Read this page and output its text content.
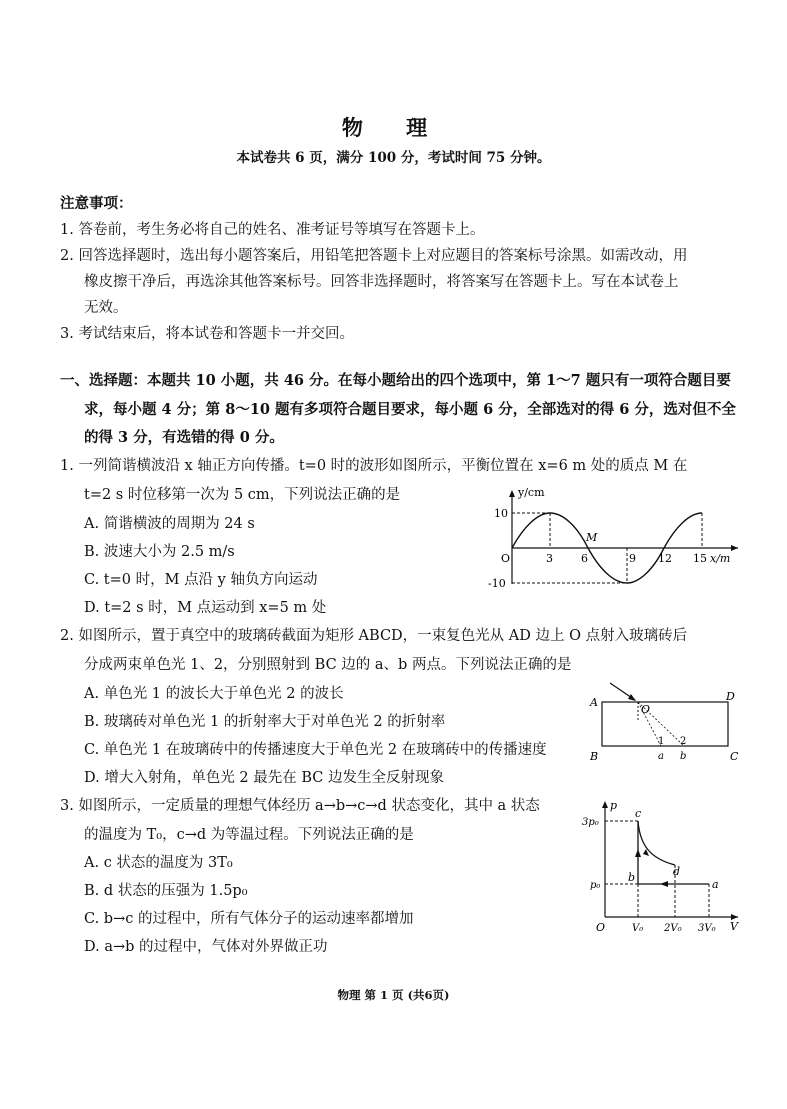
物 理
本试卷共 6 页，满分 100 分，考试时间 75 分钟。
注意事项：
1. 答卷前，考生务必将自己的姓名、准考证号等填写在答题卡上。
2. 回答选择题时，选出每小题答案后，用铅笔把答题卡上对应题目的答案标号涂黑。如需改动，用
橡皮擦干净后，再选涂其他答案标号。回答非选择题时，将答案写在答题卡上。写在本试卷上
无效。
3. 考试结束后，将本试卷和答题卡一并交回。
一、选择题：本题共 10 小题，共 46 分。在每小题给出的四个选项中，第 1～7 题只有一项符合题目要
求，每小题 4 分；第 8～10 题有多项符合题目要求，每小题 6 分，全部选对的得 6 分，选对但不全
的得 3 分，有选错的得 0 分。
1. 一列简谐横波沿 x 轴正方向传播。t=0 时的波形如图所示，平衡位置在 x=6 m 处的质点 M 在
t=2 s 时位移第一次为 5 cm，下列说法正确的是
A. 简谐横波的周期为 24 s
B. 波速大小为 2.5 m/s
C. t=0 时，M 点沿 y 轴负方向运动
D. t=2 s 时，M 点运动到 x=5 m 处
y/cm
x/m
10
-10
O
M
3	6	9 12 15
2. 如图所示，置于真空中的玻璃砖截面为矩形 ABCD，一束复色光从 AD 边上 O 点射入玻璃砖后
分成两束单色光 1、2，分别照射到 BC 边的 a、b 两点。下列说法正确的是
A. 单色光 1 的波长大于单色光 2 的波长
B. 玻璃砖对单色光 1 的折射率大于对单色光 2 的折射率
C. 单色光 1 在玻璃砖中的传播速度大于单色光 2 在玻璃砖中的传播速度
D. 增大入射角，单色光 2 最先在 BC 边发生全反射现象
A
B	C
D
O
1 2
a b
3. 如图所示，一定质量的理想气体经历 a→b→c→d 状态变化，其中 a 状态
的温度为 T₀，c→d 为等温过程。下列说法正确的是
A. c 状态的温度为 3T₀
B. d 状态的压强为 1.5p₀
C. b→c 的过程中，所有气体分子的运动速率都增加
D. a→b 的过程中，气体对外界做正功
p
V
O
3p₀
p₀
V₀ 2V₀ 3V₀
a
b
c
d
物理 第 1 页 (共6页)
